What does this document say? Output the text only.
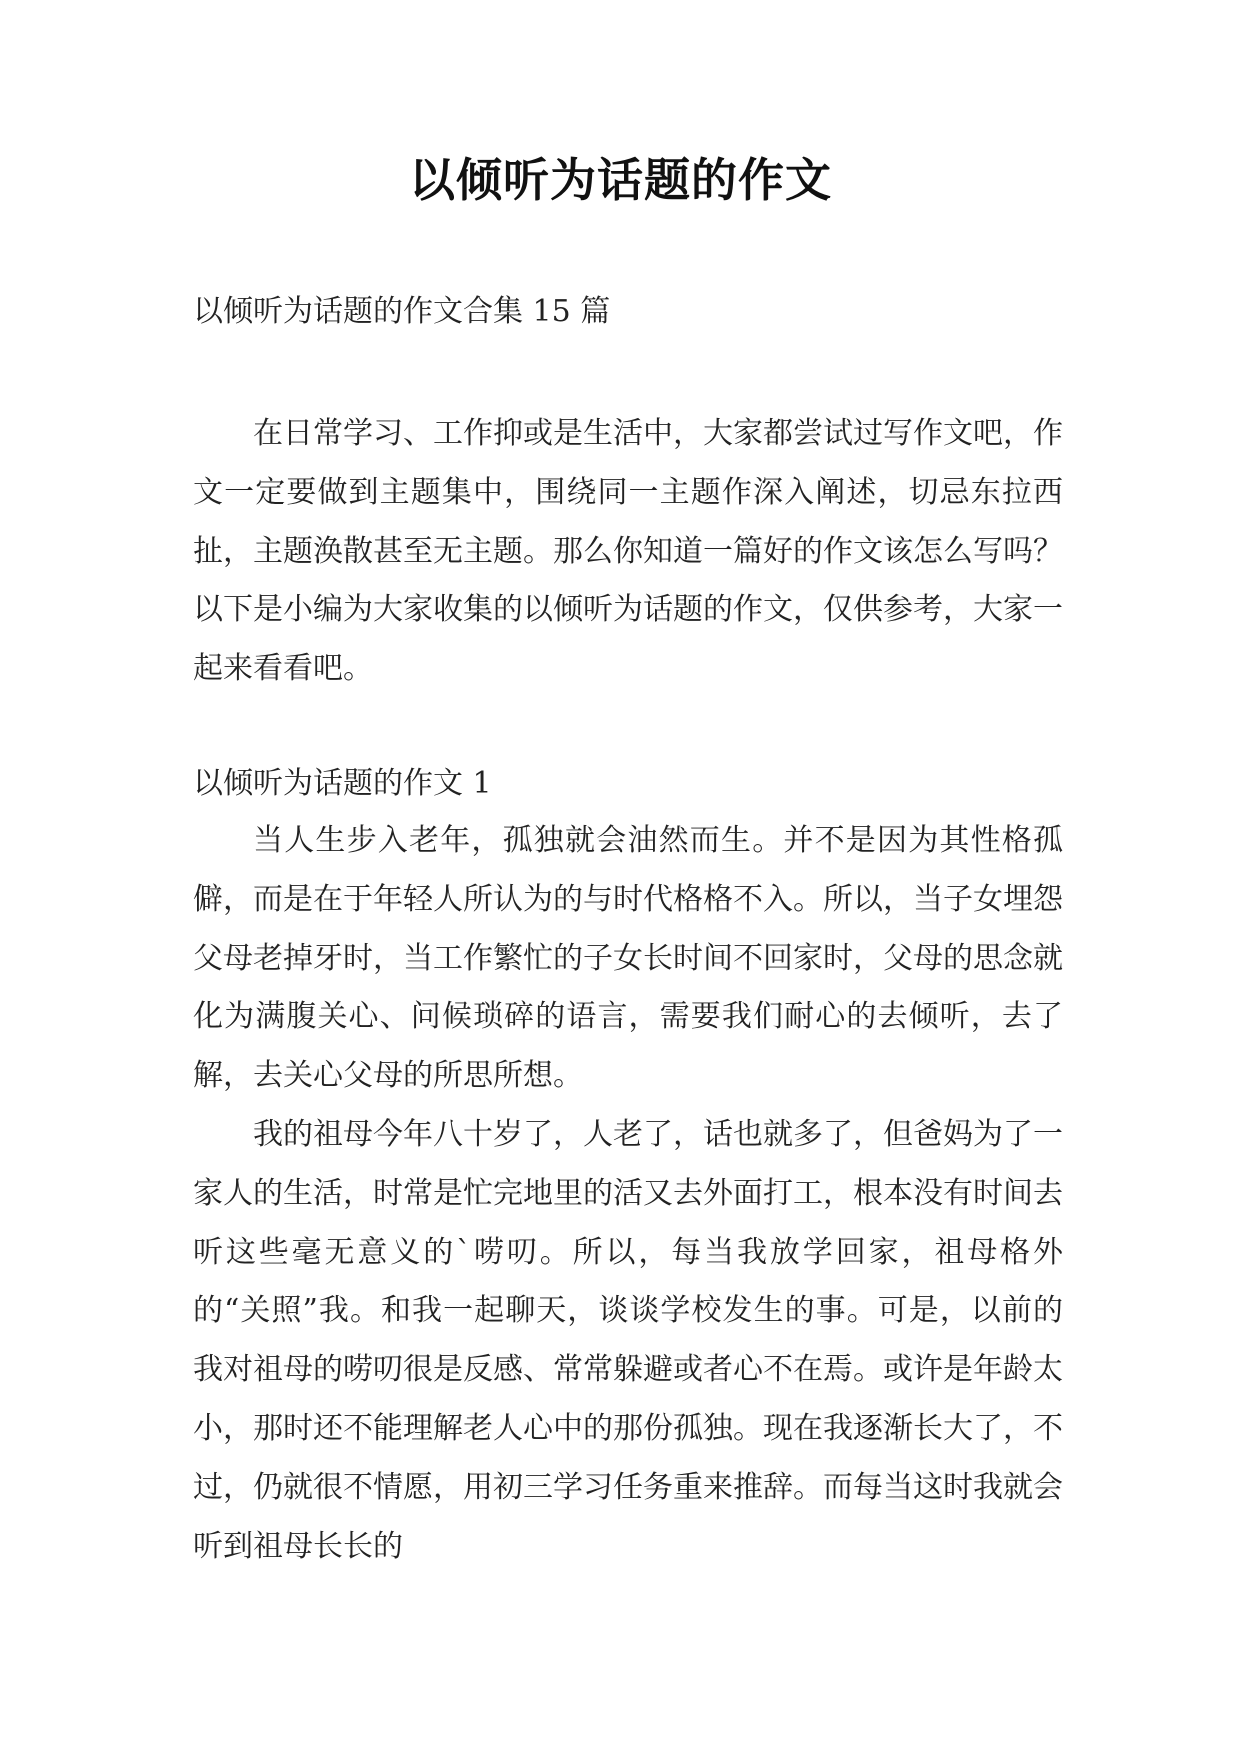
以倾听为话题的作文
以倾听为话题的作文合集 15 篇

在日常学习、工作抑或是生活中，大家都尝试过写作文吧，作文一定要做到主题集中，围绕同一主题作深入阐述，切忌东拉西扯，主题涣散甚至无主题。那么你知道一篇好的作文该怎么写吗？以下是小编为大家收集的以倾听为话题的作文，仅供参考，大家一起来看看吧。

以倾听为话题的作文 1

当人生步入老年，孤独就会油然而生。并不是因为其性格孤僻，而是在于年轻人所认为的与时代格格不入。所以，当子女埋怨父母老掉牙时，当工作繁忙的子女长时间不回家时，父母的思念就化为满腹关心、问候琐碎的语言，需要我们耐心的去倾听，去了解，去关心父母的所思所想。

我的祖母今年八十岁了，人老了，话也就多了，但爸妈为了一家人的生活，时常是忙完地里的活又去外面打工，根本没有时间去听这些毫无意义的`唠叨。所以，每当我放学回家，祖母格外的“关照”我。和我一起聊天，谈谈学校发生的事。可是，以前的我对祖母的唠叨很是反感、常常躲避或者心不在焉。或许是年龄太小，那时还不能理解老人心中的那份孤独。现在我逐渐长大了，不过，仍就很不情愿，用初三学习任务重来推辞。而每当这时我就会听到祖母长长的
